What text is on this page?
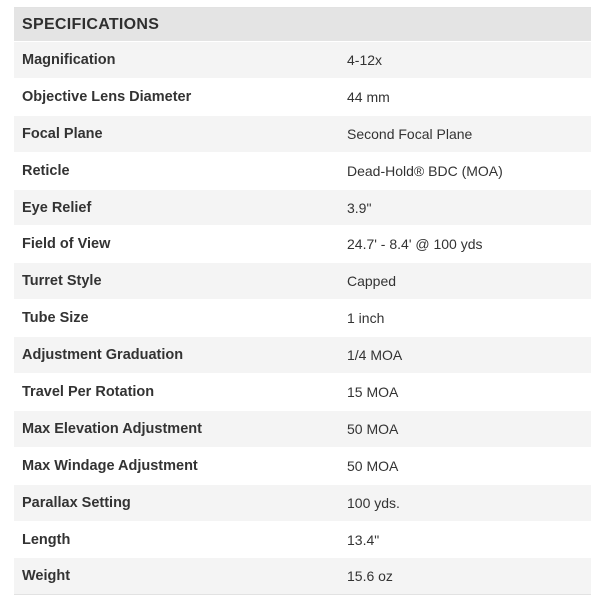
SPECIFICATIONS
Magnification	4-12x
Objective Lens Diameter	44 mm
Focal Plane	Second Focal Plane
Reticle	Dead-Hold® BDC (MOA)
Eye Relief	3.9"
Field of View	24.7' - 8.4' @ 100 yds
Turret Style	Capped
Tube Size	1 inch
Adjustment Graduation	1/4 MOA
Travel Per Rotation	15 MOA
Max Elevation Adjustment	50 MOA
Max Windage Adjustment	50 MOA
Parallax Setting	100 yds.
Length	13.4"
Weight	15.6 oz
